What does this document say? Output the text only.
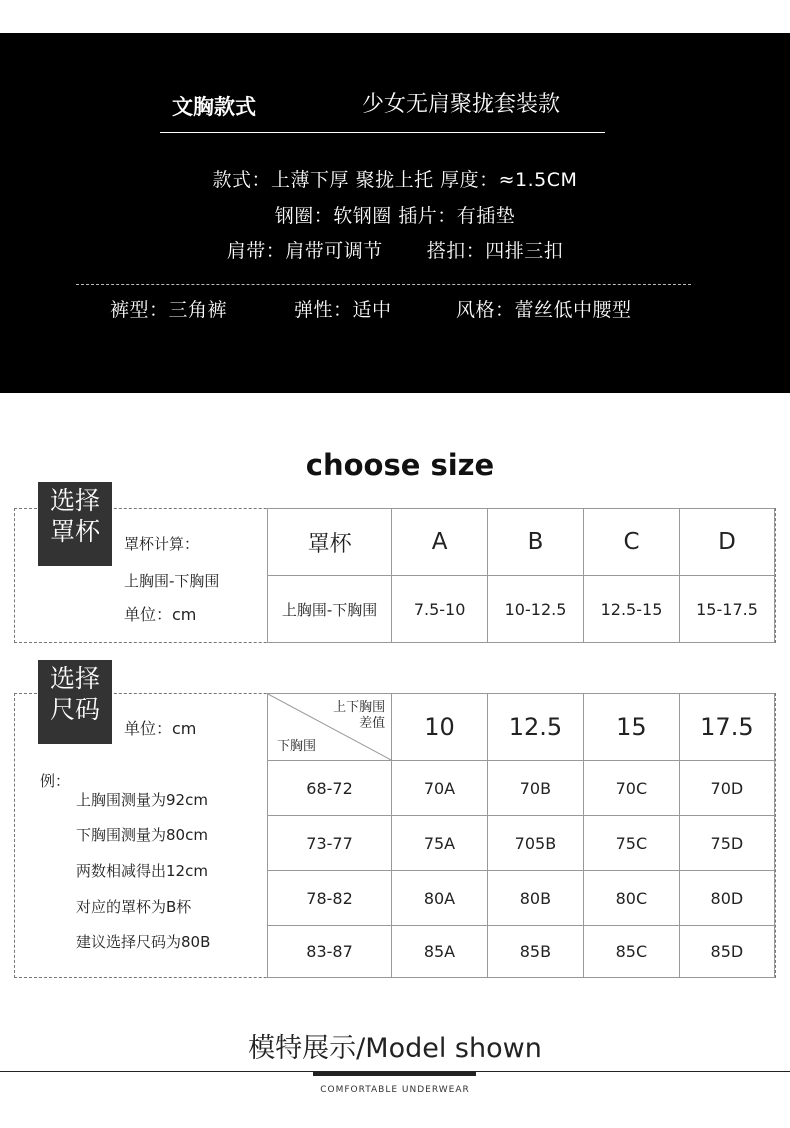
文胸款式	少女无肩聚拢套装款
款式：上薄下厚 聚拢上托 厚度：≈1.5CM
钢圈：软钢圈 插片：有插垫
肩带：肩带可调节 搭扣：四排三扣
裤型：三角裤	弹性：适中	风格：蕾丝低中腰型
choose size
选择
罩杯	罩杯计算：
上胸围-下胸围
单位：cm
罩杯	A	B	C	D
上胸围-下胸围	7.5-10	10-12.5	12.5-15	15-17.5
选择
尺码
单位：cm
例：
上胸围测量为92cm
下胸围测量为80cm
两数相减得出12cm
对应的罩杯为B杯
建议选择尺码为80B
上下胸围
差值
下胸围	10	12.5	15	17.5
68-72	70A	70B	70C	70D
73-77	75A	705B	75C	75D
78-82	80A	80B	80C	80D
83-87	85A	85B	85C	85D
模特展示/Model shown
COMFORTABLE UNDERWEAR
